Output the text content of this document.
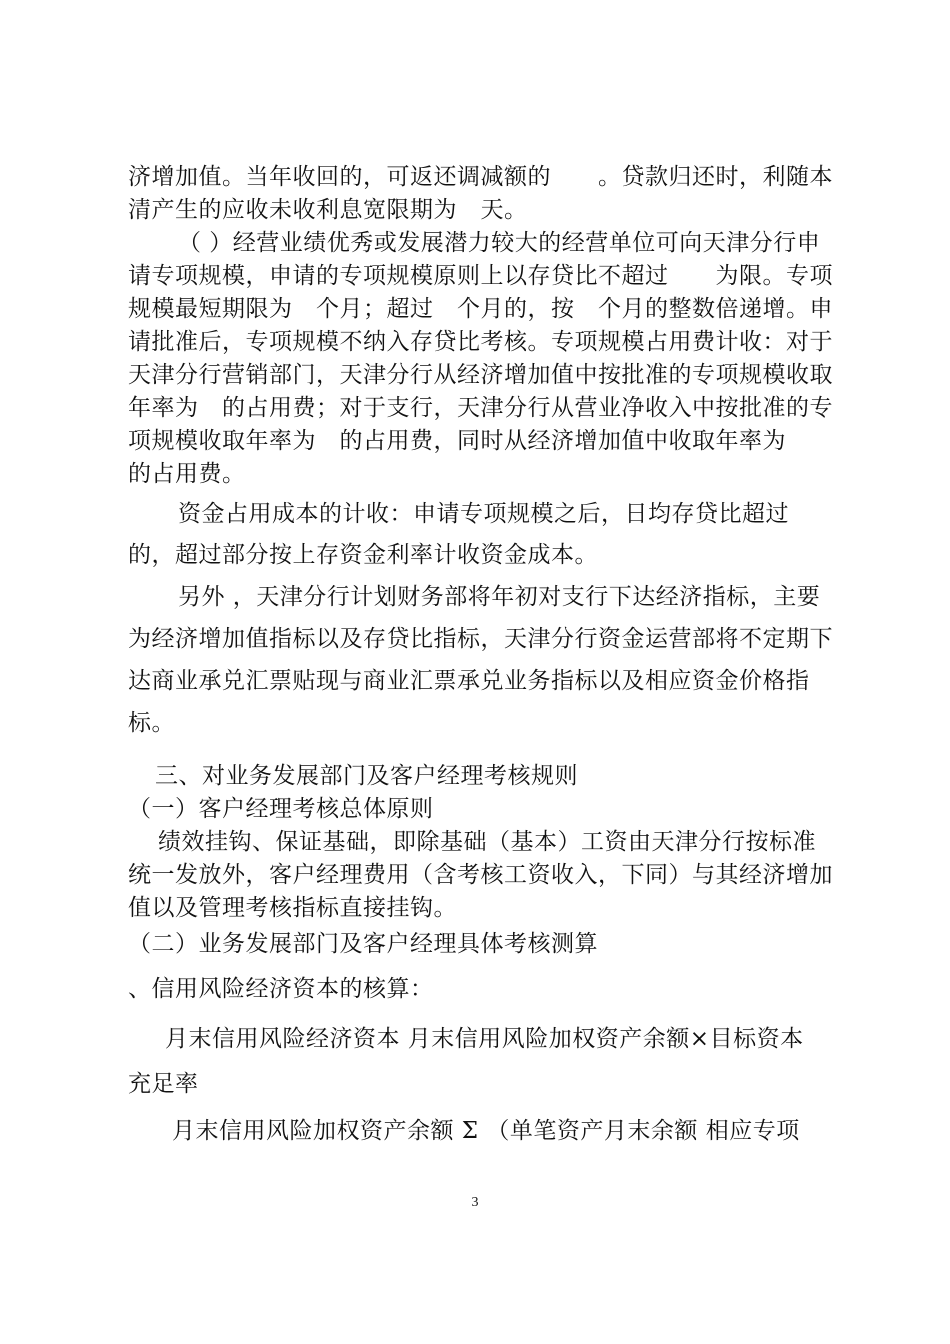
济增加值。当年收回的，可返还调减额的　　。贷款归还时，利随本
清产生的应收未收利息宽限期为　天。
（ ）经营业绩优秀或发展潜力较大的经营单位可向天津分行申
请专项规模，申请的专项规模原则上以存贷比不超过　　为限。专项
规模最短期限为　个月；超过　个月的，按　个月的整数倍递增。申
请批准后，专项规模不纳入存贷比考核。专项规模占用费计收：对于
天津分行营销部门，天津分行从经济增加值中按批准的专项规模收取
年率为　的占用费；对于支行，天津分行从营业净收入中按批准的专
项规模收取年率为　的占用费，同时从经济增加值中收取年率为
的占用费。
资金占用成本的计收：申请专项规模之后，日均存贷比超过
的，超过部分按上存资金利率计收资金成本。
另外 ，天津分行计划财务部将年初对支行下达经济指标，主要
为经济增加值指标以及存贷比指标，天津分行资金运营部将不定期下
达商业承兑汇票贴现与商业汇票承兑业务指标以及相应资金价格指
标。
三、对业务发展部门及客户经理考核规则
（一）客户经理考核总体原则
绩效挂钩、保证基础，即除基础（基本）工资由天津分行按标准
统一发放外，客户经理费用（含考核工资收入，下同）与其经济增加
值以及管理考核指标直接挂钩。
（二）业务发展部门及客户经理具体考核测算
、信用风险经济资本的核算：
月末信用风险经济资本 月末信用风险加权资产余额×目标资本
充足率
月末信用风险加权资产余额 Σ （单笔资产月末余额 相应专项
3
